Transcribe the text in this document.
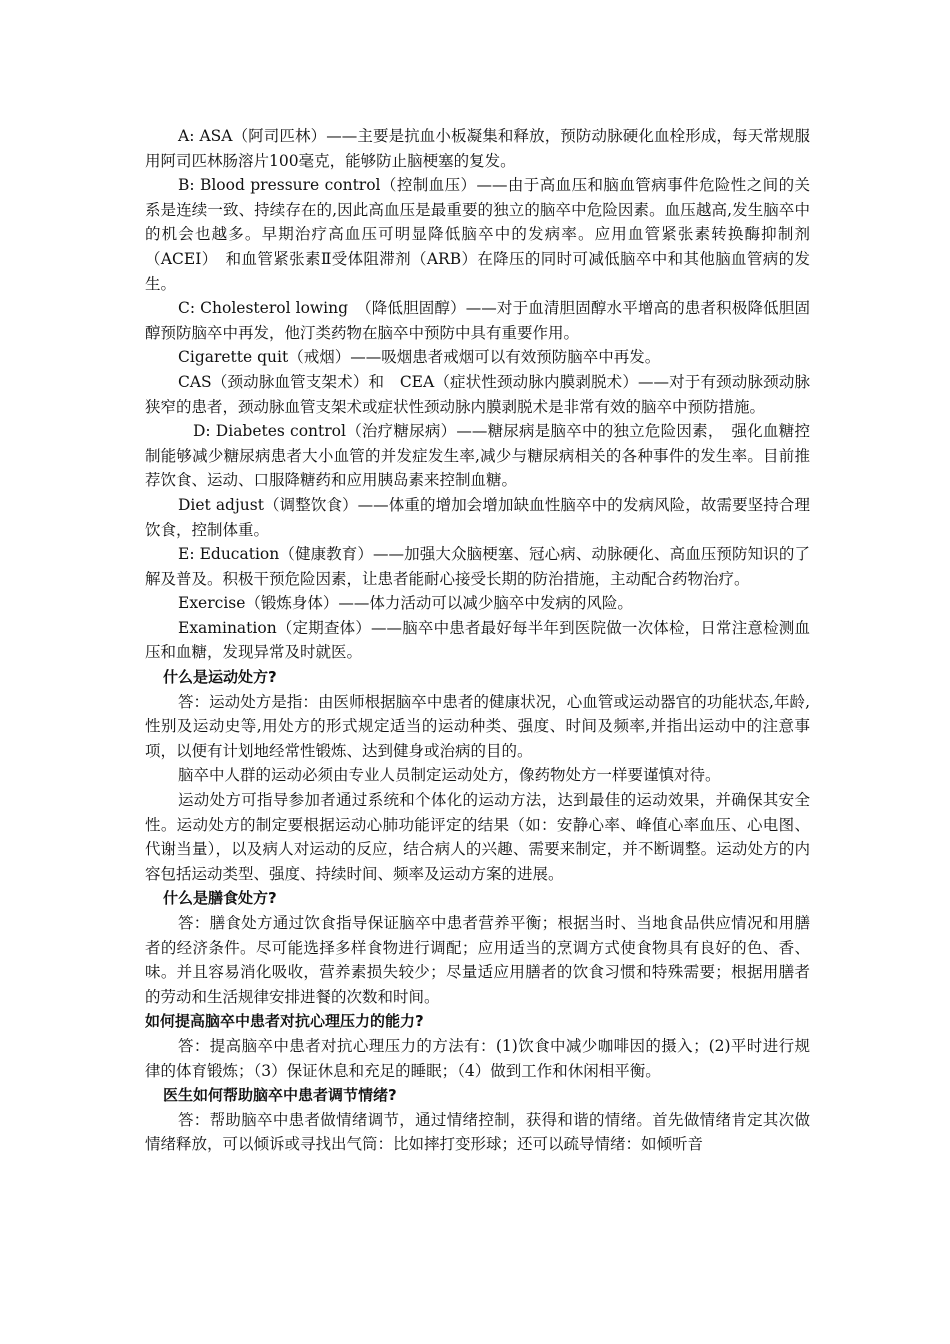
A: ASA（阿司匹林）——主要是抗血小板凝集和释放，预防动脉硬化血栓形成，每天常规服用阿司匹林肠溶片100毫克，能够防止脑梗塞的复发。

B: Blood pressure control（控制血压）——由于高血压和脑血管病事件危险性之间的关系是连续一致、持续存在的,因此高血压是最重要的独立的脑卒中危险因素。血压越高,发生脑卒中的机会也越多。早期治疗高血压可明显降低脑卒中的发病率。应用血管紧张素转换酶抑制剂（ACEI）　和血管紧张素Ⅱ受体阻滞剂（ARB）在降压的同时可减低脑卒中和其他脑血管病的发生。

C: Cholesterol lowing　（降低胆固醇）——对于血清胆固醇水平增高的患者积极降低胆固醇预防脑卒中再发，他汀类药物在脑卒中预防中具有重要作用。

Cigarette quit（戒烟）——吸烟患者戒烟可以有效预防脑卒中再发。

CAS（颈动脉血管支架术）和　CEA（症状性颈动脉内膜剥脱术）——对于有颈动脉颈动脉狭窄的患者，颈动脉血管支架术或症状性颈动脉内膜剥脱术是非常有效的脑卒中预防措施。

D: Diabetes control（治疗糖尿病）——糖尿病是脑卒中的独立危险因素，　强化血糖控制能够减少糖尿病患者大小血管的并发症发生率,减少与糖尿病相关的各种事件的发生率。目前推荐饮食、运动、口服降糖药和应用胰岛素来控制血糖。

Diet adjust（调整饮食）——体重的增加会增加缺血性脑卒中的发病风险，故需要坚持合理饮食，控制体重。

E: Education（健康教育）——加强大众脑梗塞、冠心病、动脉硬化、高血压预防知识的了解及普及。积极干预危险因素，让患者能耐心接受长期的防治措施，主动配合药物治疗。

Exercise（锻炼身体）——体力活动可以减少脑卒中发病的风险。

Examination（定期查体）——脑卒中患者最好每半年到医院做一次体检，日常注意检测血压和血糖，发现异常及时就医。

什么是运动处方?

答：运动处方是指：由医师根据脑卒中患者的健康状况，心血管或运动器官的功能状态,年龄,性别及运动史等,用处方的形式规定适当的运动种类、强度、时间及频率,并指出运动中的注意事项，以便有计划地经常性锻炼、达到健身或治病的目的。

脑卒中人群的运动必须由专业人员制定运动处方，像药物处方一样要谨慎对待。

运动处方可指导参加者通过系统和个体化的运动方法，达到最佳的运动效果，并确保其安全性。运动处方的制定要根据运动心肺功能评定的结果（如：安静心率、峰值心率血压、心电图、代谢当量），以及病人对运动的反应，结合病人的兴趣、需要来制定，并不断调整。运动处方的内容包括运动类型、强度、持续时间、频率及运动方案的进展。

什么是膳食处方?

答：膳食处方通过饮食指导保证脑卒中患者营养平衡；根据当时、当地食品供应情况和用膳者的经济条件。尽可能选择多样食物进行调配；应用适当的烹调方式使食物具有良好的色、香、味。并且容易消化吸收，营养素损失较少；尽量适应用膳者的饮食习惯和特殊需要；根据用膳者的劳动和生活规律安排进餐的次数和时间。

如何提高脑卒中患者对抗心理压力的能力?

答：提高脑卒中患者对抗心理压力的方法有：(1)饮食中减少咖啡因的摄入；(2)平时进行规律的体育锻炼；（3）保证休息和充足的睡眠；（4）做到工作和休闲相平衡。

医生如何帮助脑卒中患者调节情绪?

答：帮助脑卒中患者做情绪调节，通过情绪控制，获得和谐的情绪。首先做情绪肯定其次做情绪释放，可以倾诉或寻找出气筒：比如摔打变形球；还可以疏导情绪：如倾听音
